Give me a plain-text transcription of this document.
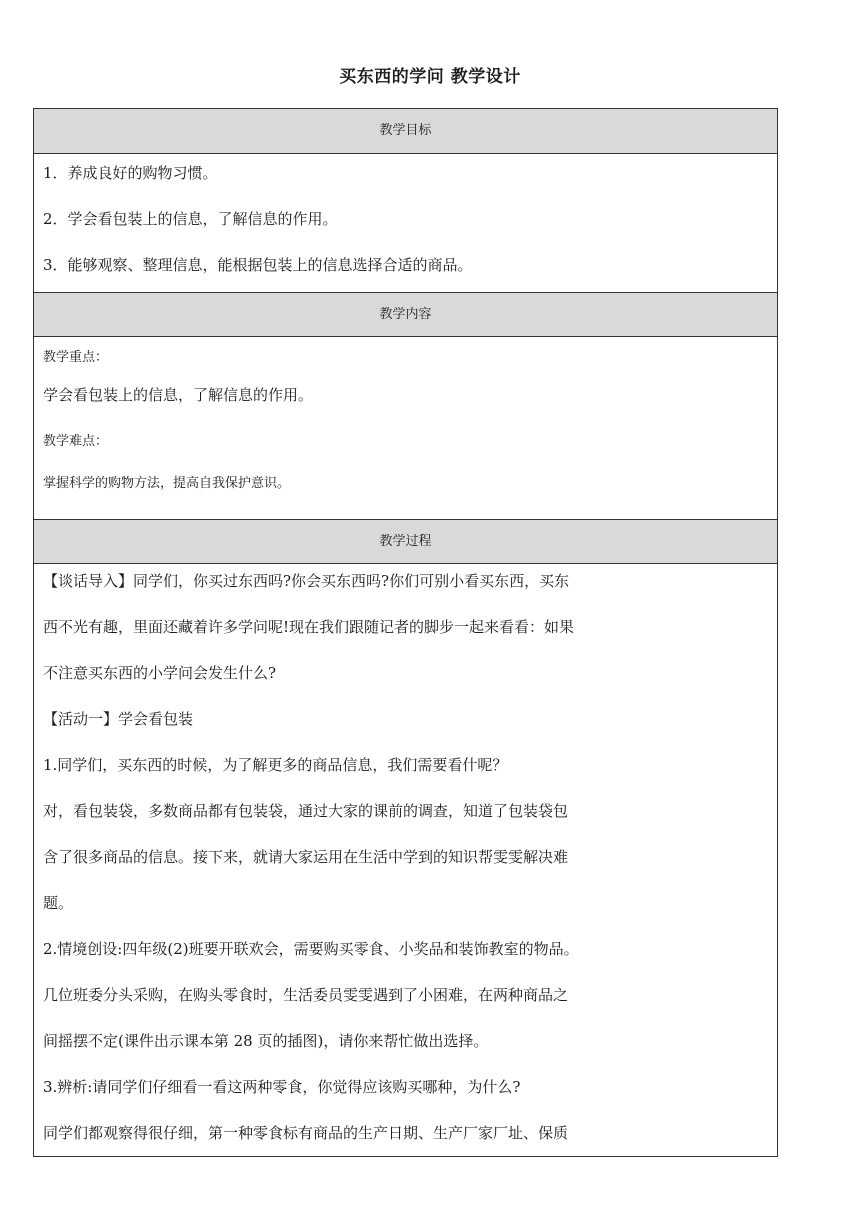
买东西的学问 教学设计
教学目标
1．养成良好的购物习惯。
2．学会看包装上的信息，了解信息的作用。
3．能够观察、整理信息，能根据包装上的信息选择合适的商品。
教学内容
教学重点：
学会看包装上的信息，了解信息的作用。
教学难点：
掌握科学的购物方法，提高自我保护意识。
教学过程
【谈话导入】同学们，你买过东西吗?你会买东西吗?你们可别小看买东西，买东
西不光有趣，里面还藏着许多学问呢!现在我们跟随记者的脚步一起来看看：如果
不注意买东西的小学问会发生什么?
【活动一】学会看包装
1.同学们，买东西的时候，为了解更多的商品信息，我们需要看什呢？
对，看包装袋，多数商品都有包装袋，通过大家的课前的调查，知道了包装袋包
含了很多商品的信息。接下来，就请大家运用在生活中学到的知识帮雯雯解决难
题。
2.情境创设:四年级(2)班要开联欢会，需要购买零食、小奖品和装饰教室的物品。
几位班委分头采购，在购头零食时，生活委员雯雯遇到了小困难，在两种商品之
间摇摆不定(课件出示课本第 28 页的插图)，请你来帮忙做出选择。
3.辨析:请同学们仔细看一看这两种零食，你觉得应该购买哪种，为什么?
同学们都观察得很仔细，第一种零食标有商品的生产日期、生产厂家厂址、保质
